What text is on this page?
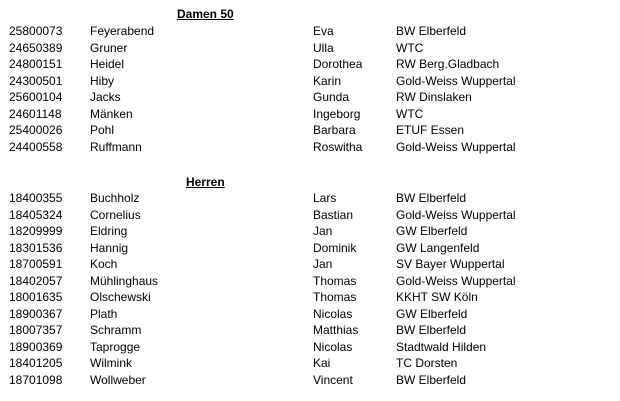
Damen 50
25800073 Feyerabend	Eva	BW Elberfeld
24650389 Gruner	Ulla	WTC
24800151 Heidel	Dorothea	RW Berg.Gladbach
24300501 Hiby	Karin	Gold-Weiss Wuppertal
25600104 Jacks	Gunda	RW Dinslaken
24601148 Mänken	Ingeborg	WTC
25400026 Pohl	Barbara	ETUF Essen
24400558 Ruffmann	Roswitha	Gold-Weiss Wuppertal
Herren
18400355 Buchholz	Lars	BW Elberfeld
18405324 Cornelius	Bastian	Gold-Weiss Wuppertal
18209999 Eldring	Jan	GW Elberfeld
18301536 Hannig	Dominik	GW Langenfeld
18700591 Koch	Jan	SV Bayer Wuppertal
18402057 Mühlinghaus	Thomas	Gold-Weiss Wuppertal
18001635 Olschewski	Thomas	KKHT SW Köln
18900367 Plath	Nicolas	GW Elberfeld
18007357 Schramm	Matthias	BW Elberfeld
18900369 Taprogge	Nicolas	Stadtwald Hilden
18401205 Wilmink	Kai	TC Dorsten
18701098 Wollweber	Vincent	BW Elberfeld
